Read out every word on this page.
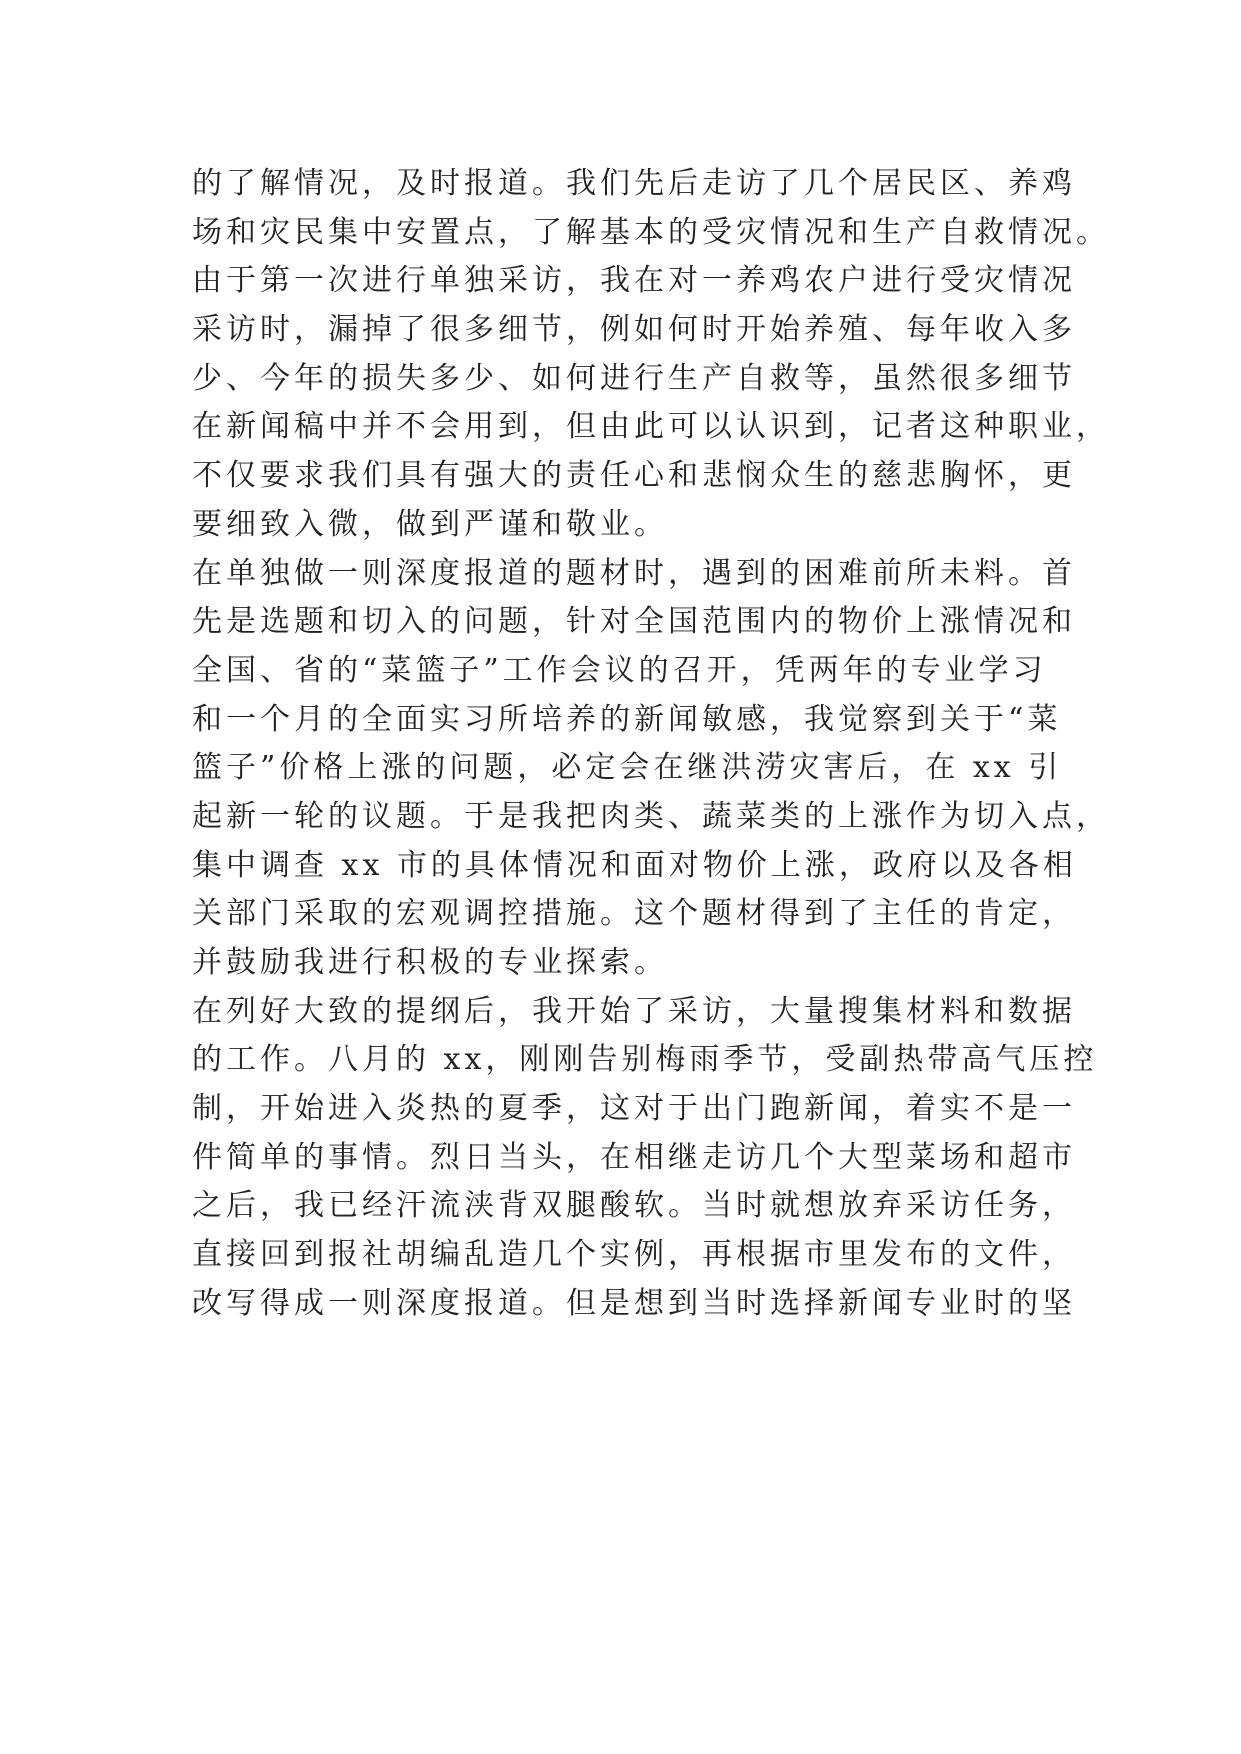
的了解情况，及时报道。我们先后走访了几个居民区、养鸡
场和灾民集中安置点，了解基本的受灾情况和生产自救情况。
由于第一次进行单独采访，我在对一养鸡农户进行受灾情况
采访时，漏掉了很多细节，例如何时开始养殖、每年收入多
少、今年的损失多少、如何进行生产自救等，虽然很多细节
在新闻稿中并不会用到，但由此可以认识到，记者这种职业，
不仅要求我们具有强大的责任心和悲悯众生的慈悲胸怀，更
要细致入微，做到严谨和敬业。
在单独做一则深度报道的题材时，遇到的困难前所未料。首
先是选题和切入的问题，针对全国范围内的物价上涨情况和
全国、省的“菜篮子”工作会议的召开，凭两年的专业学习
和一个月的全面实习所培养的新闻敏感，我觉察到关于“菜
篮子”价格上涨的问题，必定会在继洪涝灾害后，在 xx 引
起新一轮的议题。于是我把肉类、蔬菜类的上涨作为切入点，
集中调查 xx 市的具体情况和面对物价上涨，政府以及各相
关部门采取的宏观调控措施。这个题材得到了主任的肯定，
并鼓励我进行积极的专业探索。
在列好大致的提纲后，我开始了采访，大量搜集材料和数据
的工作。八月的 xx，刚刚告别梅雨季节，受副热带高气压控
制，开始进入炎热的夏季，这对于出门跑新闻，着实不是一
件简单的事情。烈日当头，在相继走访几个大型菜场和超市
之后，我已经汗流浃背双腿酸软。当时就想放弃采访任务，
直接回到报社胡编乱造几个实例，再根据市里发布的文件，
改写得成一则深度报道。但是想到当时选择新闻专业时的坚
